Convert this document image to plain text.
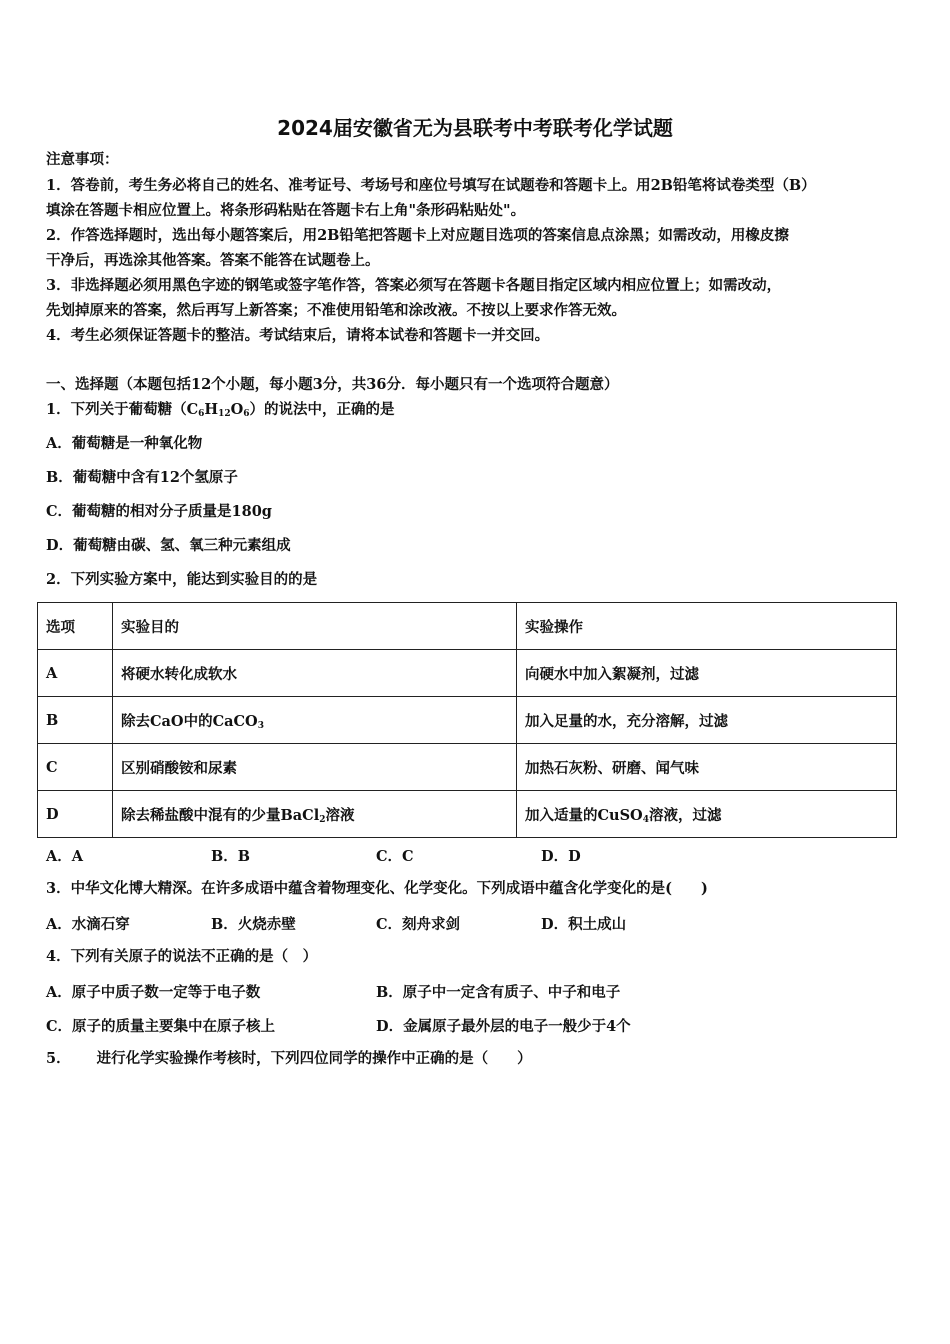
2024届安徽省无为县联考中考联考化学试题
注意事项：
1．答卷前，考生务必将自己的姓名、准考证号、考场号和座位号填写在试题卷和答题卡上。用2B铅笔将试卷类型（B）
填涂在答题卡相应位置上。将条形码粘贴在答题卡右上角"条形码粘贴处"。
2．作答选择题时，选出每小题答案后，用2B铅笔把答题卡上对应题目选项的答案信息点涂黑；如需改动，用橡皮擦
干净后，再选涂其他答案。答案不能答在试题卷上。
3．非选择题必须用黑色字迹的钢笔或签字笔作答，答案必须写在答题卡各题目指定区域内相应位置上；如需改动，
先划掉原来的答案，然后再写上新答案；不准使用铅笔和涂改液。不按以上要求作答无效。
4．考生必须保证答题卡的整洁。考试结束后，请将本试卷和答题卡一并交回。
一、选择题（本题包括12个小题，每小题3分，共36分．每小题只有一个选项符合题意）
1．下列关于葡萄糖$(C_6H_{12}O_6)$的说法中，正确的是
A．葡萄糖是一种氧化物
B．葡萄糖中含有12个氢原子
C．葡萄糖的相对分子质量是180g
D．葡萄糖由碳、氢、氧三种元素组成
2．下列实验方案中，能达到实验目的的是
选项	实验目的	实验操作
A	将硬水转化成软水	向硬水中加入絮凝剂，过滤
B	除去CaO中的CaCO$_3$	加入足量的水，充分溶解，过滤
C	区别硝酸铵和尿素	加热石灰粉、研磨、闻气味
D	除去稀盐酸中混有的少量BaCl$_2$溶液	加入适量的CuSO$_4$溶液，过滤
A．A	B．B	C．C	D．D
3．中华文化博大精深。在许多成语中蕴含着物理变化、化学变化。下列成语中蕴含化学变化的是(　　)
A．水滴石穿	B．火烧赤壁	C．刻舟求剑	D．积土成山
4．下列有关原子的说法不正确的是（　）
A．原子中质子数一定等于电子数	B．原子中一定含有质子、中子和电子
C．原子的质量主要集中在原子核上	D．金属原子最外层的电子一般少于4个
5． 进行化学实验操作考核时，下列四位同学的操作中正确的是（　　）
